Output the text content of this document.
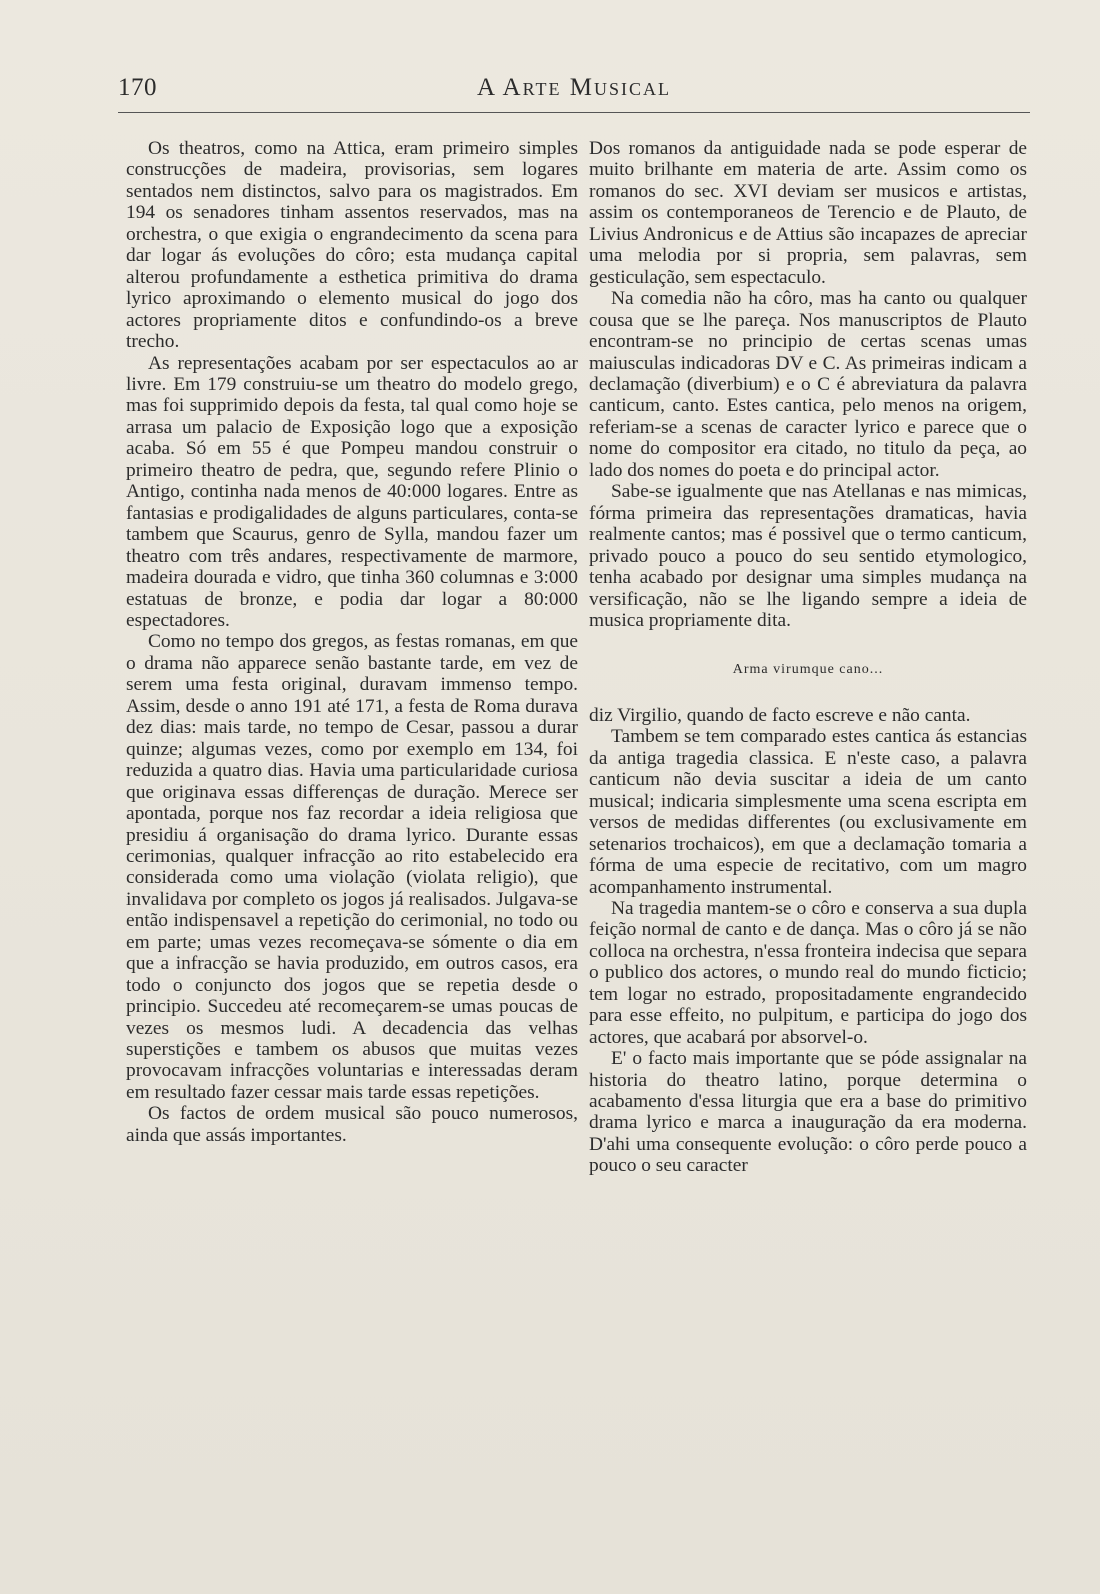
170	A Arte Musical

Os theatros, como na Attica, eram primeiro simples construcções de madeira, provisorias, sem logares sentados nem distinctos, salvo para os magistrados. Em 194 os senadores tinham assentos reservados, mas na orchestra, o que exigia o engrandecimento da scena para dar logar ás evoluções do côro; esta mudança capital alterou profundamente a esthetica primitiva do drama lyrico aproximando o elemento musical do jogo dos actores propriamente ditos e confundindo-os a breve trecho.

As representações acabam por ser espectaculos ao ar livre. Em 179 construiu-se um theatro do modelo grego, mas foi supprimido depois da festa, tal qual como hoje se arrasa um palacio de Exposição logo que a exposição acaba. Só em 55 é que Pompeu mandou construir o primeiro theatro de pedra, que, segundo refere Plinio o Antigo, continha nada menos de 40:000 logares. Entre as fantasias e prodigalidades de alguns particulares, conta-se tambem que Scaurus, genro de Sylla, mandou fazer um theatro com três andares, respectivamente de marmore, madeira dourada e vidro, que tinha 360 columnas e 3:000 estatuas de bronze, e podia dar logar a 80:000 espectadores.

Como no tempo dos gregos, as festas romanas, em que o drama não apparece senão bastante tarde, em vez de serem uma festa original, duravam immenso tempo. Assim, desde o anno 191 até 171, a festa de Roma durava dez dias: mais tarde, no tempo de Cesar, passou a durar quinze; algumas vezes, como por exemplo em 134, foi reduzida a quatro dias. Havia uma particularidade curiosa que originava essas differenças de duração. Merece ser apontada, porque nos faz recordar a ideia religiosa que presidiu á organisação do drama lyrico. Durante essas cerimonias, qualquer infracção ao rito estabelecido era considerada como uma violação (violata religio), que invalidava por completo os jogos já realisados. Julgava-se então indispensavel a repetição do cerimonial, no todo ou em parte; umas vezes recomeçava-se sómente o dia em que a infracção se havia produzido, em outros casos, era todo o conjuncto dos jogos que se repetia desde o principio. Succedeu até recomeçarem-se umas poucas de vezes os mesmos ludi. A decadencia das velhas superstições e tambem os abusos que muitas vezes provocavam infracções voluntarias e interessadas deram em resultado fazer cessar mais tarde essas repetições.

Os factos de ordem musical são pouco numerosos, ainda que assás importantes.

Dos romanos da antiguidade nada se pode esperar de muito brilhante em materia de arte. Assim como os romanos do sec. XVI deviam ser musicos e artistas, assim os contemporaneos de Terencio e de Plauto, de Livius Andronicus e de Attius são incapazes de apreciar uma melodia por si propria, sem palavras, sem gesticulação, sem espectaculo.

Na comedia não ha côro, mas ha canto ou qualquer cousa que se lhe pareça. Nos manuscriptos de Plauto encontram-se no principio de certas scenas umas maiusculas indicadoras DV e C. As primeiras indicam a declamação (diverbium) e o C é abreviatura da palavra canticum, canto. Estes cantica, pelo menos na origem, referiam-se a scenas de caracter lyrico e parece que o nome do compositor era citado, no titulo da peça, ao lado dos nomes do poeta e do principal actor.

Sabe-se igualmente que nas Atellanas e nas mimicas, fórma primeira das representações dramaticas, havia realmente cantos; mas é possivel que o termo canticum, privado pouco a pouco do seu sentido etymologico, tenha acabado por designar uma simples mudança na versificação, não se lhe ligando sempre a ideia de musica propriamente dita.

Arma virumque cano...

diz Virgilio, quando de facto escreve e não canta.

Tambem se tem comparado estes cantica ás estancias da antiga tragedia classica. E n'este caso, a palavra canticum não devia suscitar a ideia de um canto musical; indicaria simplesmente uma scena escripta em versos de medidas differentes (ou exclusivamente em setenarios trochaicos), em que a declamação tomaria a fórma de uma especie de recitativo, com um magro acompanhamento instrumental.

Na tragedia mantem-se o côro e conserva a sua dupla feição normal de canto e de dança. Mas o côro já se não colloca na orchestra, n'essa fronteira indecisa que separa o publico dos actores, o mundo real do mundo ficticio; tem logar no estrado, propositadamente engrandecido para esse effeito, no pulpitum, e participa do jogo dos actores, que acabará por absorvel-o.

E' o facto mais importante que se póde assignalar na historia do theatro latino, porque determina o acabamento d'essa liturgia que era a base do primitivo drama lyrico e marca a inauguração da era moderna. D'ahi uma consequente evolução: o côro perde pouco a pouco o seu caracter
